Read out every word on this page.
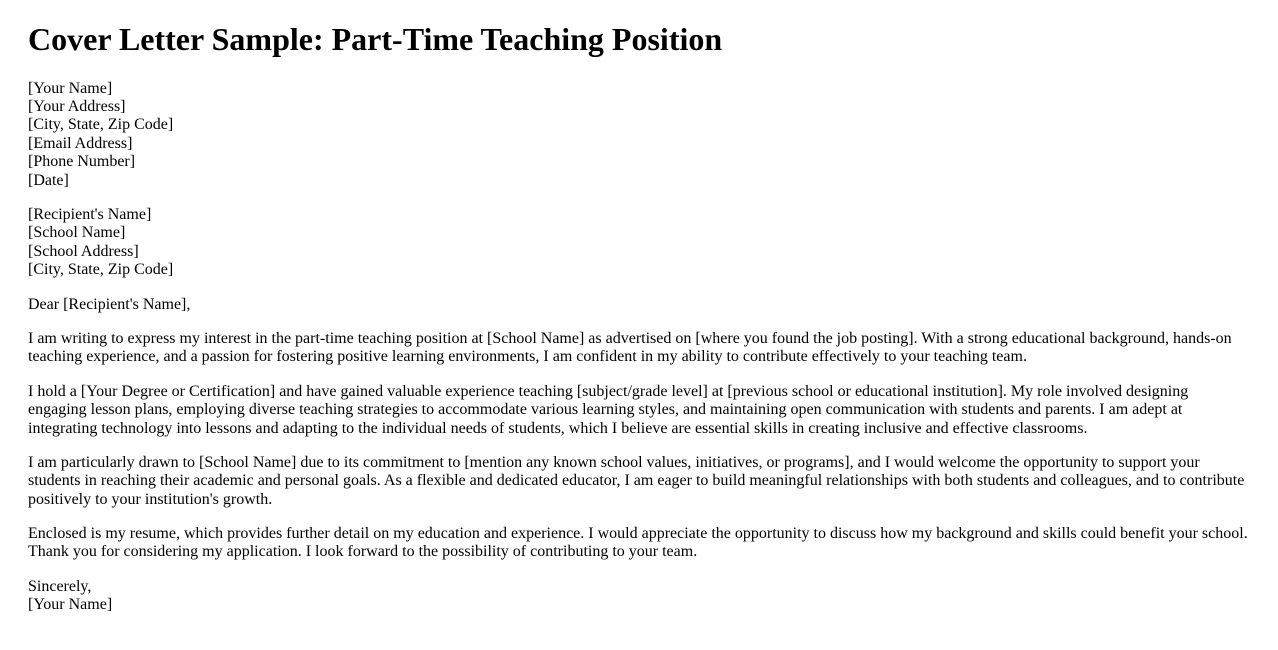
Cover Letter Sample: Part-Time Teaching Position

[Your Name]
[Your Address]
[City, State, Zip Code]
[Email Address]
[Phone Number]
[Date]

[Recipient's Name]
[School Name]
[School Address]
[City, State, Zip Code]

Dear [Recipient's Name],

I am writing to express my interest in the part-time teaching position at [School Name] as advertised on [where you found the job posting]. With a strong educational background, hands-on teaching experience, and a passion for fostering positive learning environments, I am confident in my ability to contribute effectively to your teaching team.

I hold a [Your Degree or Certification] and have gained valuable experience teaching [subject/grade level] at [previous school or educational institution]. My role involved designing engaging lesson plans, employing diverse teaching strategies to accommodate various learning styles, and maintaining open communication with students and parents. I am adept at integrating technology into lessons and adapting to the individual needs of students, which I believe are essential skills in creating inclusive and effective classrooms.

I am particularly drawn to [School Name] due to its commitment to [mention any known school values, initiatives, or programs], and I would welcome the opportunity to support your students in reaching their academic and personal goals. As a flexible and dedicated educator, I am eager to build meaningful relationships with both students and colleagues, and to contribute positively to your institution's growth.

Enclosed is my resume, which provides further detail on my education and experience. I would appreciate the opportunity to discuss how my background and skills could benefit your school. Thank you for considering my application. I look forward to the possibility of contributing to your team.

Sincerely,
[Your Name]
